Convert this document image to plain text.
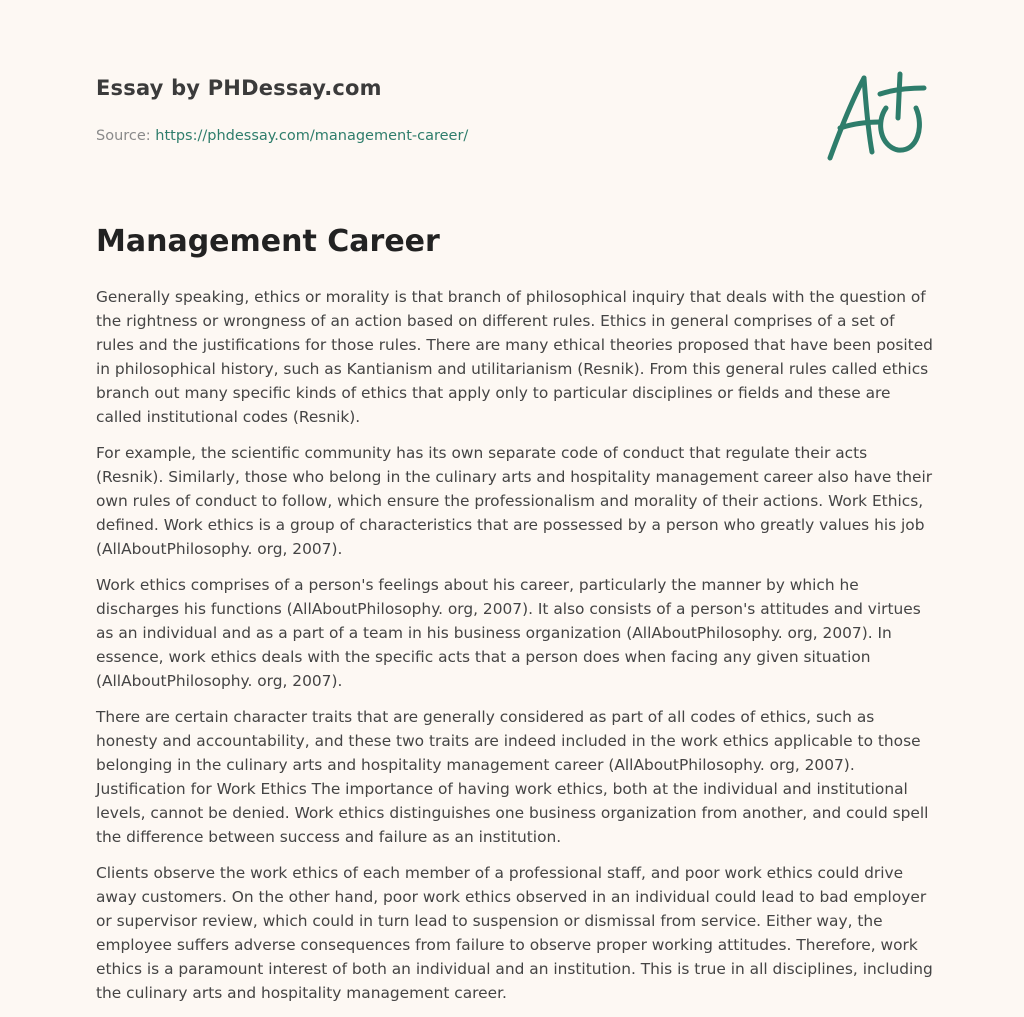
Essay by PHDessay.com
Source: https://phdessay.com/management-career/
Management Career

Generally speaking, ethics or morality is that branch of philosophical inquiry that deals with the question of the rightness or wrongness of an action based on different rules. Ethics in general comprises of a set of rules and the justifications for those rules. There are many ethical theories proposed that have been posited in philosophical history, such as Kantianism and utilitarianism (Resnik). From this general rules called ethics branch out many specific kinds of ethics that apply only to particular disciplines or fields and these are called institutional codes (Resnik).

For example, the scientific community has its own separate code of conduct that regulate their acts (Resnik). Similarly, those who belong in the culinary arts and hospitality management career also have their own rules of conduct to follow, which ensure the professionalism and morality of their actions. Work Ethics, defined. Work ethics is a group of characteristics that are possessed by a person who greatly values his job (AllAboutPhilosophy. org, 2007).

Work ethics comprises of a person's feelings about his career, particularly the manner by which he discharges his functions (AllAboutPhilosophy. org, 2007). It also consists of a person's attitudes and virtues as an individual and as a part of a team in his business organization (AllAboutPhilosophy. org, 2007). In essence, work ethics deals with the specific acts that a person does when facing any given situation (AllAboutPhilosophy. org, 2007).

There are certain character traits that are generally considered as part of all codes of ethics, such as honesty and accountability, and these two traits are indeed included in the work ethics applicable to those belonging in the culinary arts and hospitality management career (AllAboutPhilosophy. org, 2007). Justification for Work Ethics The importance of having work ethics, both at the individual and institutional levels, cannot be denied. Work ethics distinguishes one business organization from another, and could spell the difference between success and failure as an institution.

Clients observe the work ethics of each member of a professional staff, and poor work ethics could drive away customers. On the other hand, poor work ethics observed in an individual could lead to bad employer or supervisor review, which could in turn lead to suspension or dismissal from service. Either way, the employee suffers adverse consequences from failure to observe proper working attitudes. Therefore, work ethics is a paramount interest of both an individual and an institution. This is true in all disciplines, including the culinary arts and hospitality management career.
